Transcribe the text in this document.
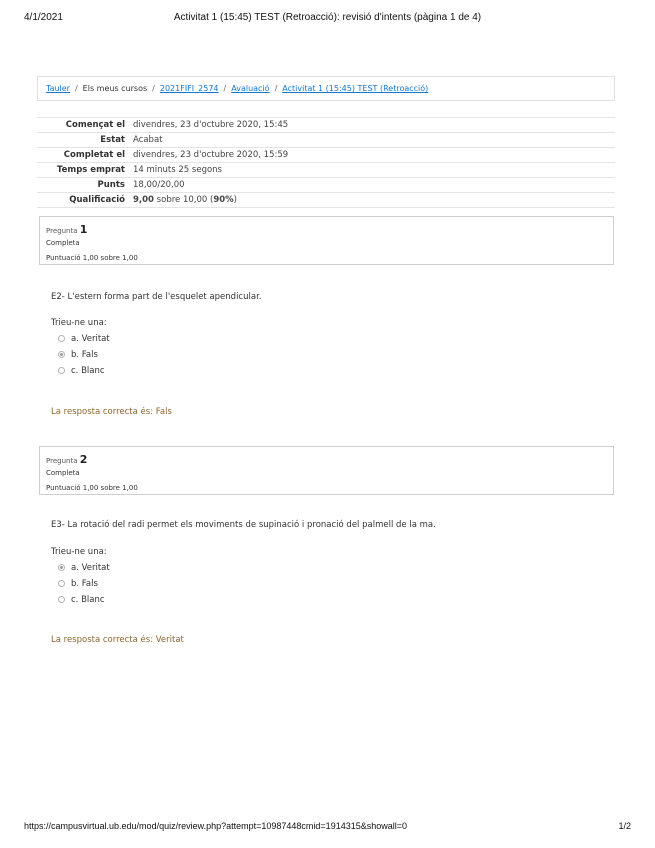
4/1/2021	Activitat 1 (15:45) TEST (Retroacció): revisió d'intents (pàgina 1 de 4)
Tauler / Els meus cursos / 2021FIFI_2574 / Avaluació / Activitat 1 (15:45) TEST (Retroacció)
Començat el	divendres, 23 d'octubre 2020, 15:45
Estat	Acabat
Completat el	divendres, 23 d'octubre 2020, 15:59
Temps emprat	14 minuts 25 segons
Punts	18,00/20,00
Qualificació	9,00 sobre 10,00 (90%)
Pregunta 1
Completa
Puntuació 1,00 sobre 1,00
E2- L'estern forma part de l'esquelet apendicular.
Trieu-ne una:
a. Veritat
b. Fals
c. Blanc
La resposta correcta és: Fals
Pregunta 2
Completa
Puntuació 1,00 sobre 1,00
E3- La rotació del radi permet els moviments de supinació i pronació del palmell de la ma.
Trieu-ne una:
a. Veritat
b. Fals
c. Blanc
La resposta correcta és: Veritat
https://campusvirtual.ub.edu/mod/quiz/review.php?attempt=10987448cmid=1914315&showall=0	1/2
